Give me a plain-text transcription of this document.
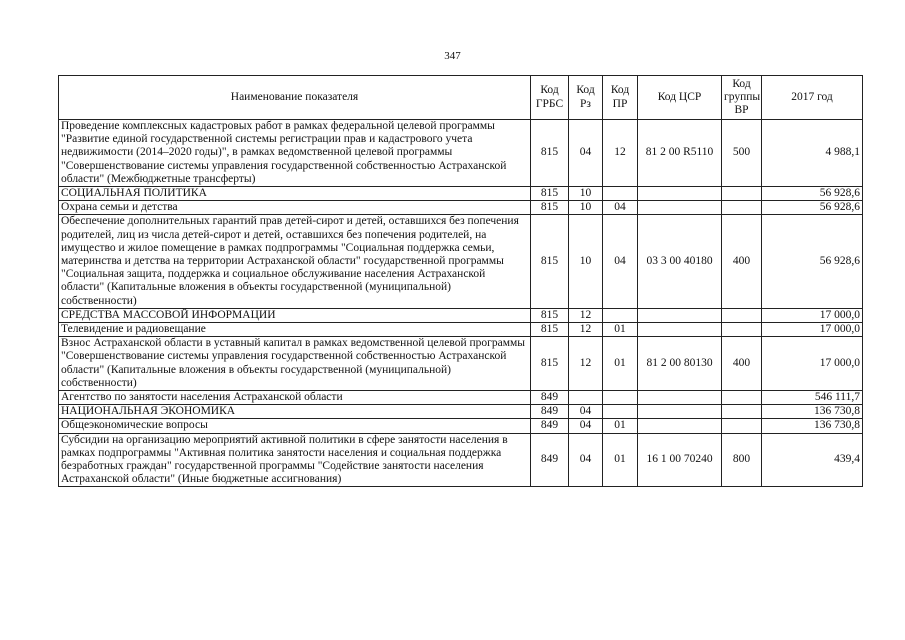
347
Наименование показателя	Код ГРБС	Код Рз	Код ПР	Код ЦСР	Код группы ВР	2017 год
Проведение комплексных кадастровых работ в рамках федеральной целевой программы "Развитие единой государственной системы регистрации прав и кадастрового учета недвижимости (2014–2020 годы)", в рамках ведомственной целевой программы "Совершенствование системы управления государственной собственностью Астраханской области" (Межбюджетные трансферты)	815	04	12	81 2 00 R5110	500	4 988,1
СОЦИАЛЬНАЯ ПОЛИТИКА	815	10				56 928,6
Охрана семьи и детства	815	10	04			56 928,6
Обеспечение дополнительных гарантий прав детей-сирот и детей, оставшихся без попечения родителей, лиц из числа детей-сирот и детей, оставшихся без попечения родителей, на имущество и жилое помещение в рамках подпрограммы "Социальная поддержка семьи, материнства и детства на территории Астраханской области" государственной программы "Социальная защита, поддержка и социальное обслуживание населения Астраханской области" (Капитальные вложения в объекты государственной (муниципальной) собственности)	815	10	04	03 3 00 40180	400	56 928,6
СРЕДСТВА МАССОВОЙ ИНФОРМАЦИИ	815	12				17 000,0
Телевидение и радиовещание	815	12	01			17 000,0
Взнос Астраханской области в уставный капитал в рамках ведомственной целевой программы "Совершенствование системы управления государственной собственностью Астраханской области" (Капитальные вложения в объекты государственной (муниципальной) собственности)	815	12	01	81 2 00 80130	400	17 000,0
Агентство по занятости населения Астраханской области	849					546 111,7
НАЦИОНАЛЬНАЯ ЭКОНОМИКА	849	04				136 730,8
Общеэкономические вопросы	849	04	01			136 730,8
Субсидии на организацию мероприятий активной политики в сфере занятости населения в рамках подпрограммы "Активная политика занятости населения и социальная поддержка безработных граждан" государственной программы "Содействие занятости населения Астраханской области" (Иные бюджетные ассигнования)	849	04	01	16 1 00 70240	800	439,4
